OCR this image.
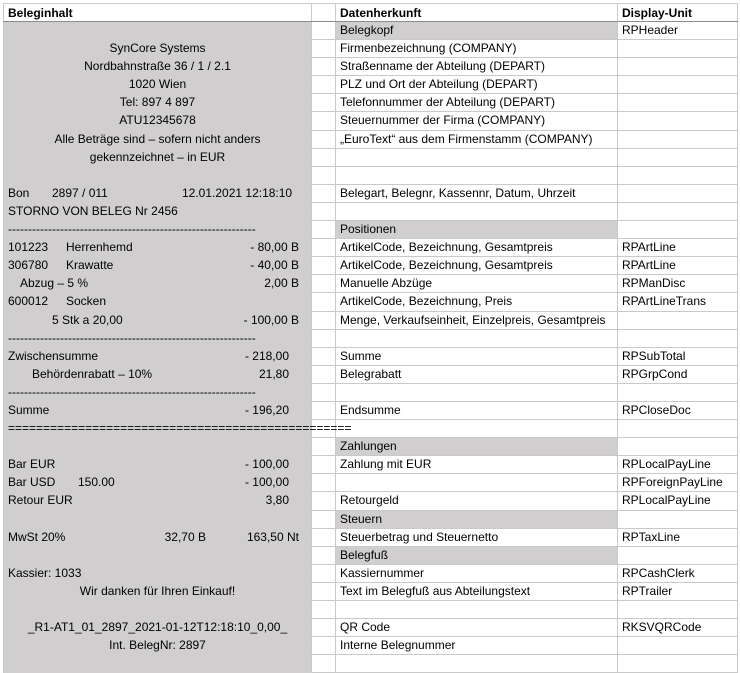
Beleginhalt		Datenherkunft	Display-Unit
		Belegkopf	RPHeader
SynCore Systems		Firmenbezeichnung (COMPANY)	
Nordbahnstraße 36 / 1 / 2.1		Straßenname der Abteilung (DEPART)	
1020 Wien		PLZ und Ort der Abteilung (DEPART)	
Tel: 897 4 897		Telefonnummer der Abteilung (DEPART)	
ATU12345678		Steuernummer der Firma (COMPANY)	
Alle Beträge sind – sofern nicht anders		„EuroText“ aus dem Firmenstamm (COMPANY)	
gekennzeichnet – in EUR			

Bon 2897 / 011 12.01.2021 12:18:10		Belegart, Belegnr, Kassennr, Datum, Uhrzeit	
STORNO VON BELEG Nr 2456			
--------------------------------------------------------------		Positionen	

101223 Herrenhemd - 80,00 B		ArtikelCode, Bezeichnung, Gesamtpreis	RPArtLine

306780 Krawatte - 40,00 B		ArtikelCode, Bezeichnung, Gesamtpreis	RPArtLine

Abzug – 5 % 2,00 B		Manuelle Abzüge	RPManDisc

600012 Socken		ArtikelCode, Bezeichnung, Preis	RPArtLineTrans

5 Stk a 20,00 - 100,00 B		Menge, Verkaufseinheit, Einzelpreis, Gesamtpreis	

--------------------------------------------------------------			

Zwischensumme - 218,00		Summe	RPSubTotal

Behördenrabatt – 10% 21,80		Belegrabatt	RPGrpCond
--------------------------------------------------------------			

Summe - 196,20		Endsumme	RPCloseDoc
=================================================			
		Zahlungen	

Bar EUR - 100,00		Zahlung mit EUR	RPLocalPayLine

Bar USD 150.00 - 100,00			RPForeignPayLine

Retour EUR 3,80		Retourgeld	RPLocalPayLine
		Steuern	

MwSt 20% 32,70 B 163,50 Nt		Steuerbetrag und Steuernetto	RPTaxLine
		Belegfuß	
Kassier: 1033		Kassiernummer	RPCashClerk
Wir danken für Ihren Einkauf!		Text im Belegfuß aus Abteilungstext	RPTrailer

_R1-AT1_01_2897_2021-01-12T12:18:10_0,00_		QR Code	RKSVQRCode
Int. BelegNr: 2897		Interne Belegnummer	
